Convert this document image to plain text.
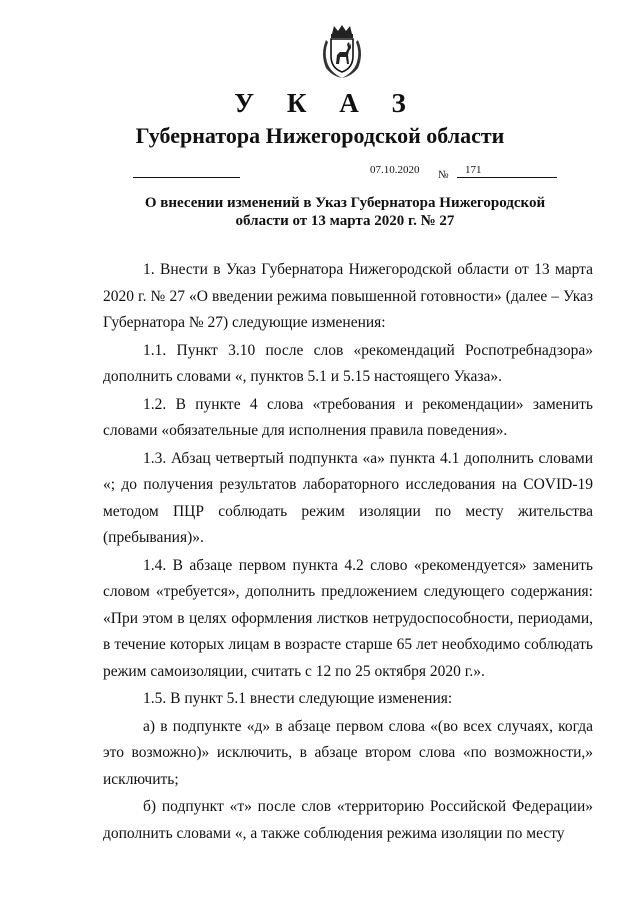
У К А З
Губернатора Нижегородской области
07.10.2020 № 171
О внесении изменений в Указ Губернатора Нижегородской
области от 13 марта 2020 г. № 27

1. Внести в Указ Губернатора Нижегородской области от 13 марта 2020 г. № 27 «О введении режима повышенной готовности» (далее – Указ Губернатора № 27) следующие изменения:

1.1. Пункт 3.10 после слов «рекомендаций Роспотребнадзора» дополнить словами «, пунктов 5.1 и 5.15 настоящего Указа».

1.2. В пункте 4 слова «требования и рекомендации» заменить словами «обязательные для исполнения правила поведения».

1.3. Абзац четвертый подпункта «а» пункта 4.1 дополнить словами «; до получения результатов лабораторного исследования на COVID-19 методом ПЦР соблюдать режим изоляции по месту жительства (пребывания)».

1.4. В абзаце первом пункта 4.2 слово «рекомендуется» заменить словом «требуется», дополнить предложением следующего содержания: «При этом в целях оформления листков нетрудоспособности, периодами, в течение которых лицам в возрасте старше 65 лет необходимо соблюдать режим самоизоляции, считать с 12 по 25 октября 2020 г.».

1.5. В пункт 5.1 внести следующие изменения:

а) в подпункте «д» в абзаце первом слова «(во всех случаях, когда это возможно)» исключить, в абзаце втором слова «по возможности,» исключить;

б) подпункт «т» после слов «территорию Российской Федерации» дополнить словами «, а также соблюдения режима изоляции по месту
